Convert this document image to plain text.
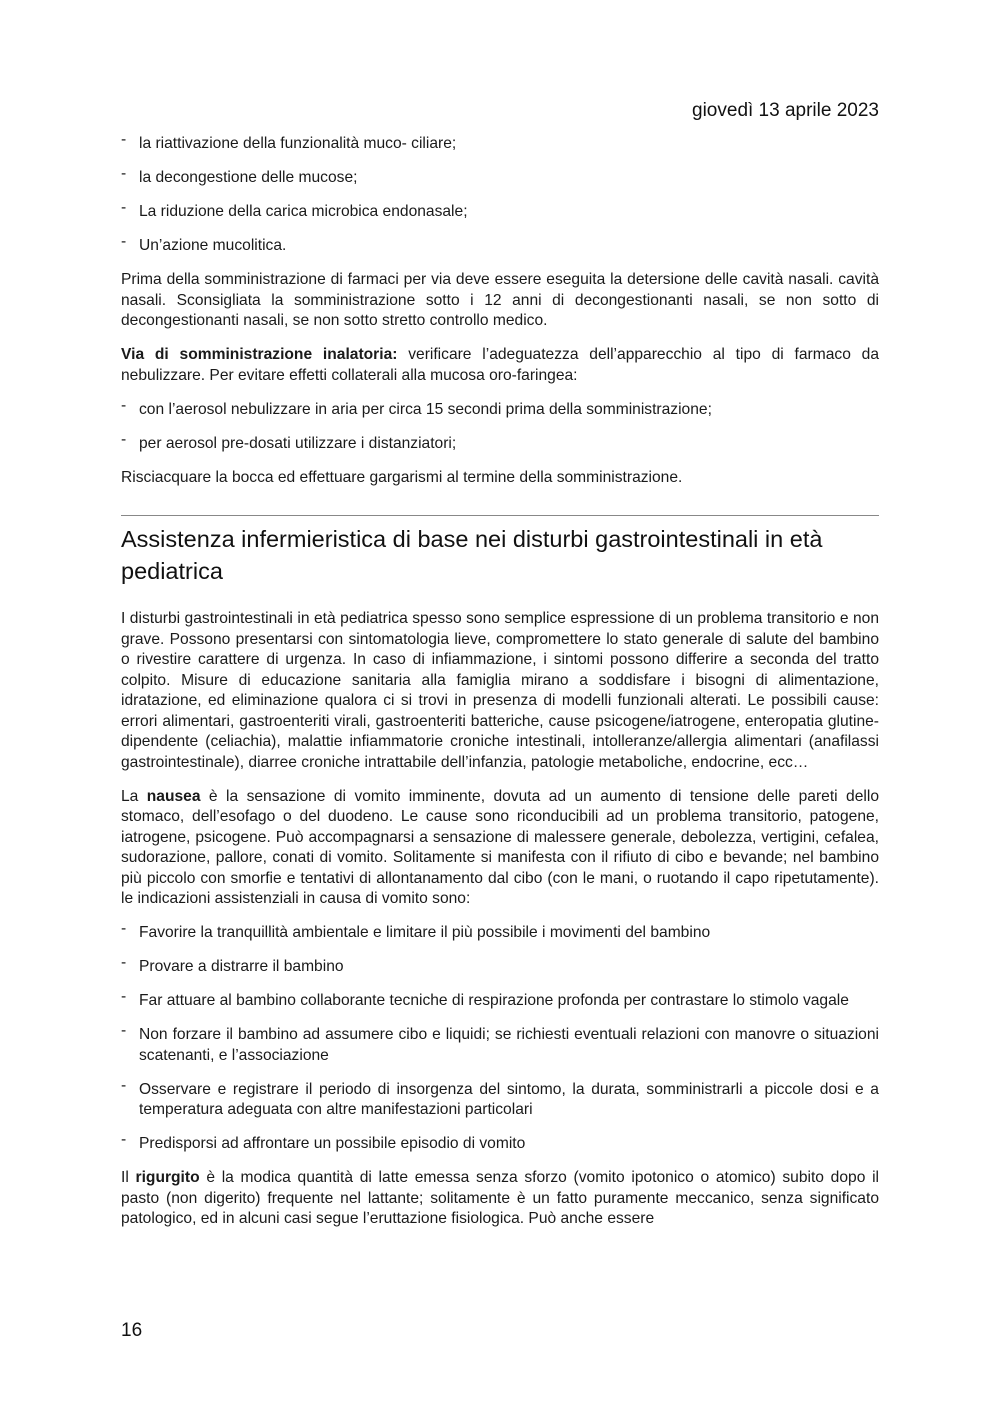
giovedì 13 aprile 2023
- la riattivazione della funzionalità muco- ciliare;
- la decongestione delle mucose;
- La riduzione della carica microbica endonasale;
- Un’azione mucolitica.

Prima della somministrazione di farmaci per via deve essere eseguita la detersione delle cavità nasali. cavità nasali. Sconsigliata la somministrazione sotto i 12 anni di decongestionanti nasali, se non sotto di decongestionanti nasali, se non sotto stretto controllo medico.

Via di somministrazione inalatoria: verificare l’adeguatezza dell’apparecchio al tipo di farmaco da nebulizzare. Per evitare effetti collaterali alla mucosa oro-faringea:

- con l’aerosol nebulizzare in aria per circa 15 secondi prima della somministrazione;
- per aerosol pre-dosati utilizzare i distanziatori;

Risciacquare la bocca ed effettuare gargarismi al termine della somministrazione.

Assistenza infermieristica di base nei disturbi gastrointestinali in età pediatrica

I disturbi gastrointestinali in età pediatrica spesso sono semplice espressione di un problema transitorio e non grave. Possono presentarsi con sintomatologia lieve, compromettere lo stato generale di salute del bambino o rivestire carattere di urgenza. In caso di infiammazione, i sintomi possono differire a seconda del tratto colpito. Misure di educazione sanitaria alla famiglia mirano a soddisfare i bisogni di alimentazione, idratazione, ed eliminazione qualora ci si trovi in presenza di modelli funzionali alterati. Le possibili cause: errori alimentari, gastroenteriti virali, gastroenteriti batteriche, cause psicogene/iatrogene, enteropatia glutine-dipendente (celiachia), malattie infiammatorie croniche intestinali, intolleranze/allergia alimentari (anafilassi gastrointestinale), diarree croniche intrattabile dell’infanzia, patologie metaboliche, endocrine, ecc…

La nausea è la sensazione di vomito imminente, dovuta ad un aumento di tensione delle pareti dello stomaco, dell’esofago o del duodeno. Le cause sono riconducibili ad un problema transitorio, patogene, iatrogene, psicogene. Può accompagnarsi a sensazione di malessere generale, debolezza, vertigini, cefalea, sudorazione, pallore, conati di vomito. Solitamente si manifesta con il rifiuto di cibo e bevande; nel bambino più piccolo con smorfie e tentativi di allontanamento dal cibo (con le mani, o ruotando il capo ripetutamente). le indicazioni assistenziali in causa di vomito sono:

- Favorire la tranquillità ambientale e limitare il più possibile i movimenti del bambino
- Provare a distrarre il bambino
- Far attuare al bambino collaborante tecniche di respirazione profonda per contrastare lo stimolo vagale
- Non forzare il bambino ad assumere cibo e liquidi; se richiesti eventuali relazioni con manovre o situazioni scatenanti, e l’associazione
- Osservare e registrare il periodo di insorgenza del sintomo, la durata, somministrarli a piccole dosi e a temperatura adeguata con altre manifestazioni particolari
- Predisporsi ad affrontare un possibile episodio di vomito

Il rigurgito è la modica quantità di latte emessa senza sforzo (vomito ipotonico o atomico) subito dopo il pasto (non digerito) frequente nel lattante; solitamente è un fatto puramente meccanico, senza significato patologico, ed in alcuni casi segue l’eruttazione fisiologica. Può anche essere

16
